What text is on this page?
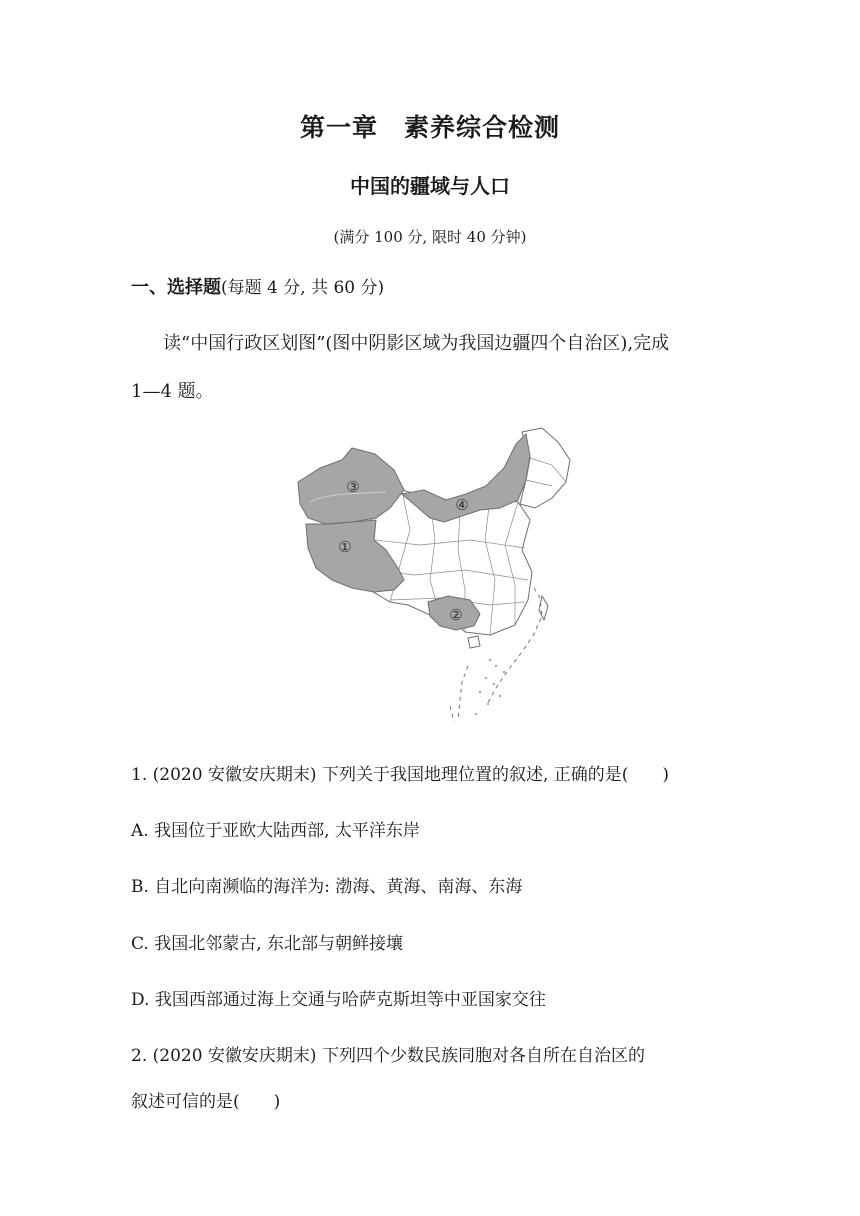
第一章 素养综合检测
中国的疆域与人口
(满分 100 分, 限时 40 分钟)
一、选择题(每题 4 分, 共 60 分)
读“中国行政区划图”(图中阴影区域为我国边疆四个自治区),完成
1—4 题。
①
②
③
④
1. (2020 安徽安庆期末) 下列关于我国地理位置的叙述, 正确的是( )
A. 我国位于亚欧大陆西部, 太平洋东岸
B. 自北向南濒临的海洋为: 渤海、黄海、南海、东海
C. 我国北邻蒙古, 东北部与朝鲜接壤
D. 我国西部通过海上交通与哈萨克斯坦等中亚国家交往
2. (2020 安徽安庆期末) 下列四个少数民族同胞对各自所在自治区的
叙述可信的是( )
